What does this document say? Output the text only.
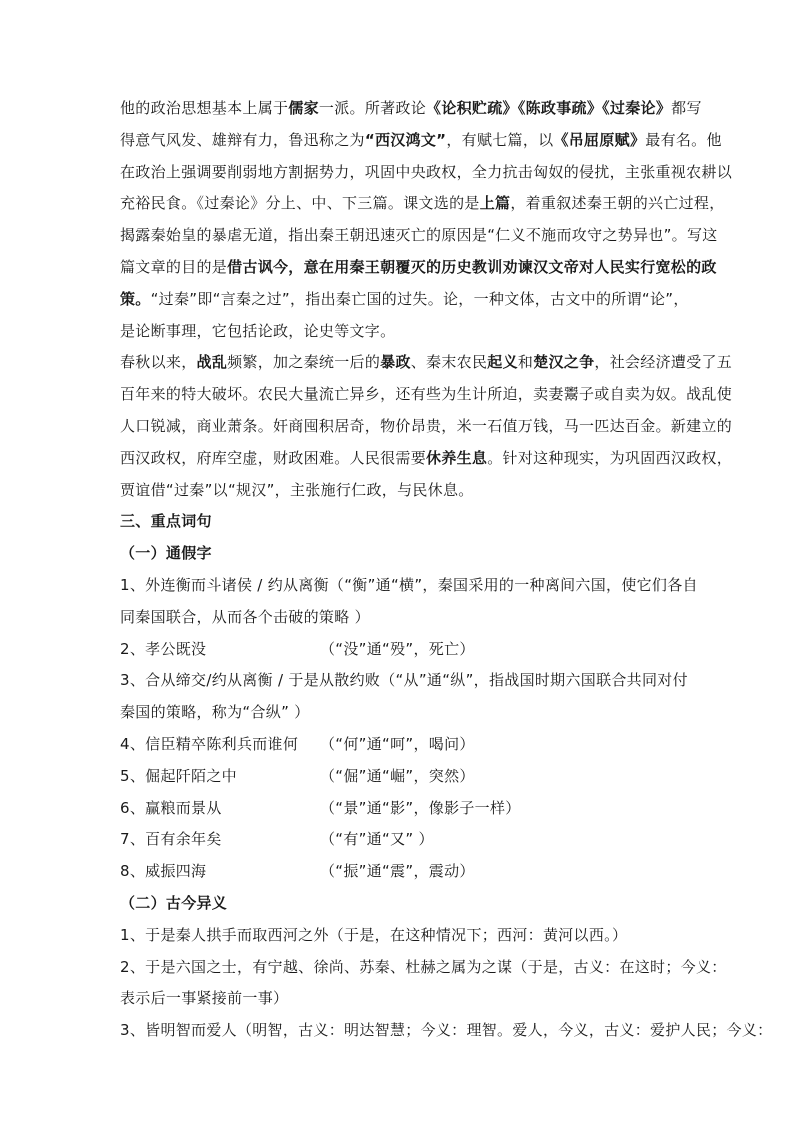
他的政治思想基本上属于儒家一派。所著政论《论积贮疏》《陈政事疏》《过秦论》都写
得意气风发、雄辩有力，鲁迅称之为“西汉鸿文”，有赋七篇，以《吊屈原赋》最有名。他
在政治上强调要削弱地方割据势力，巩固中央政权，全力抗击匈奴的侵扰，主张重视农耕以
充裕民食。《过秦论》分上、中、下三篇。课文选的是上篇，着重叙述秦王朝的兴亡过程，
揭露秦始皇的暴虐无道，指出秦王朝迅速灭亡的原因是“仁义不施而攻守之势异也”。写这
篇文章的目的是借古讽今，意在用秦王朝覆灭的历史教训劝谏汉文帝对人民实行宽松的政
策。“过秦”即“言秦之过”，指出秦亡国的过失。论，一种文体，古文中的所谓“论”，
是论断事理，它包括论政，论史等文字。
春秋以来，战乱频繁，加之秦统一后的暴政、秦末农民起义和楚汉之争，社会经济遭受了五
百年来的特大破坏。农民大量流亡异乡，还有些为生计所迫，卖妻鬻子或自卖为奴。战乱使
人口锐减，商业萧条。奸商囤积居奇，物价昂贵，米一石值万钱，马一匹达百金。新建立的
西汉政权，府库空虚，财政困难。人民很需要休养生息。针对这种现实，为巩固西汉政权，
贾谊借“过秦”以“规汉”，主张施行仁政，与民休息。
三、重点词句
（一）通假字
1、外连衡而斗诸侯 / 约从离衡（“衡”通“横”，秦国采用的一种离间六国，使它们各自
同秦国联合，从而各个击破的策略 ）
2、孝公既没	（“没”通“殁”，死亡）
3、合从缔交/约从离衡 / 于是从散约败（“从”通“纵”，指战国时期六国联合共同对付
秦国的策略，称为“合纵” ）
4、信臣精卒陈利兵而谁何 （“何”通“呵”，喝问）
5、倔起阡陌之中	（“倔”通“崛”，突然）
6、赢粮而景从	（“景”通“影”，像影子一样）
7、百有余年矣	（“有”通“又” ）
8、威振四海	（“振”通“震”，震动）
（二）古今异义
1、于是秦人拱手而取西河之外（于是，在这种情况下；西河：黄河以西。）
2、于是六国之士，有宁越、徐尚、苏秦、杜赫之属为之谋（于是，古义：在这时；今义：
表示后一事紧接前一事）
3、皆明智而爱人（明智，古义：明达智慧；今义：理智。爱人，今义，古义：爱护人民；今义：
